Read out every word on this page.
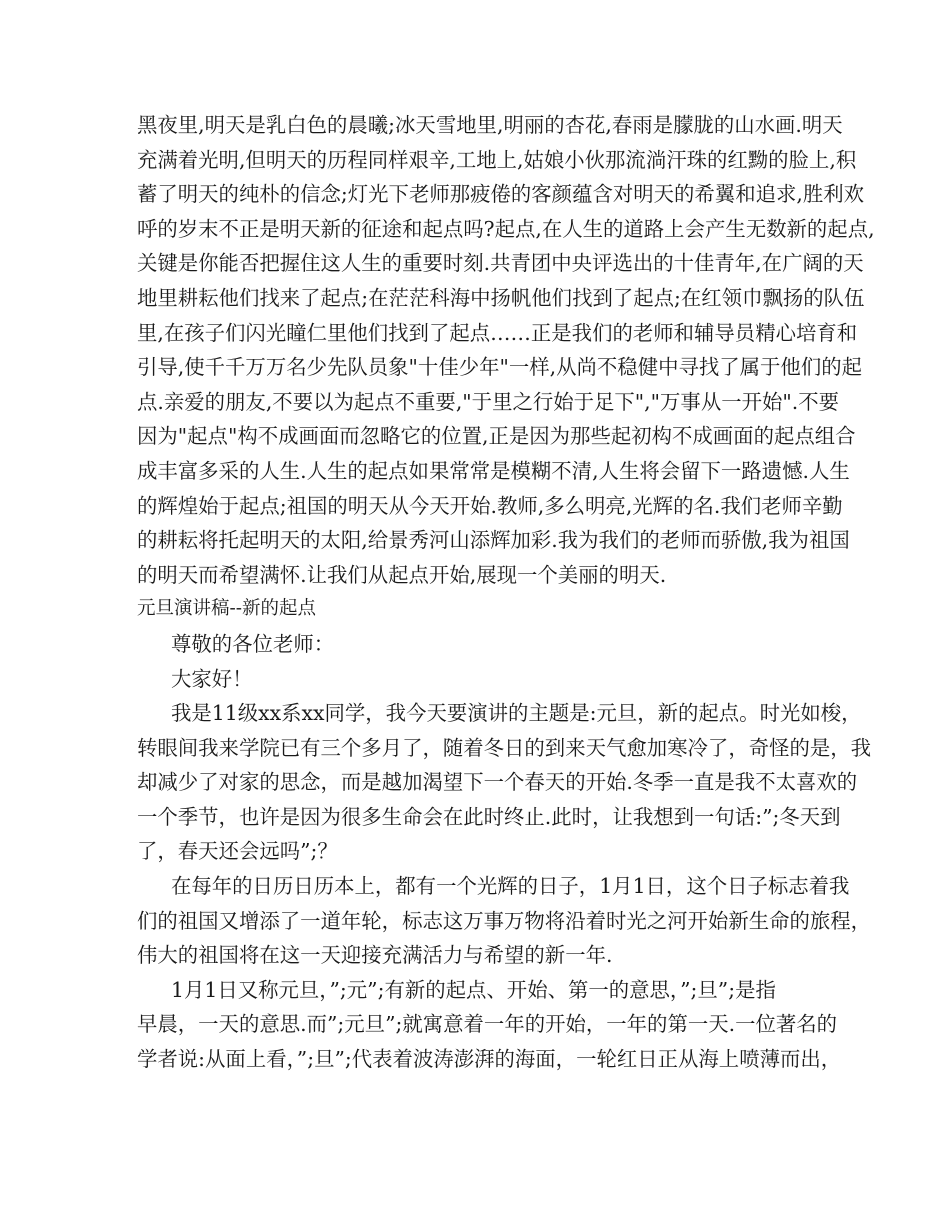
黑夜里,明天是乳白色的晨曦;冰天雪地里,明丽的杏花,春雨是朦胧的山水画.明天
充满着光明,但明天的历程同样艰辛,工地上,姑娘小伙那流淌汗珠的红黝的脸上,积
蓄了明天的纯朴的信念;灯光下老师那疲倦的客颜蕴含对明天的希翼和追求,胜利欢
呼的岁末不正是明天新的征途和起点吗?起点,在人生的道路上会产生无数新的起点,
关键是你能否把握住这人生的重要时刻.共青团中央评选出的十佳青年,在广阔的天
地里耕耘他们找来了起点;在茫茫科海中扬帆他们找到了起点;在红领巾飘扬的队伍
里,在孩子们闪光瞳仁里他们找到了起点……正是我们的老师和辅导员精心培育和
引导,使千千万万名少先队员象"十佳少年"一样,从尚不稳健中寻找了属于他们的起
点.亲爱的朋友,不要以为起点不重要,"于里之行始于足下","万事从一开始".不要
因为"起点"构不成画面而忽略它的位置,正是因为那些起初构不成画面的起点组合
成丰富多采的人生.人生的起点如果常常是模糊不清,人生将会留下一路遗憾.人生
的辉煌始于起点;祖国的明天从今天开始.教师,多么明亮,光辉的名.我们老师辛勤
的耕耘将托起明天的太阳,给景秀河山添辉加彩.我为我们的老师而骄傲,我为祖国
的明天而希望满怀.让我们从起点开始,展现一个美丽的明天.
元旦演讲稿--新的起点
尊敬的各位老师：
大家好！
我是11级xx系xx同学，我今天要演讲的主题是:元旦，新的起点。时光如梭，
转眼间我来学院已有三个多月了，随着冬日的到来天气愈加寒冷了，奇怪的是，我
却减少了对家的思念，而是越加渴望下一个春天的开始.冬季一直是我不太喜欢的
一个季节，也许是因为很多生命会在此时终止.此时，让我想到一句话:”;冬天到
了，春天还会远吗”;？
在每年的日历日历本上，都有一个光辉的日子，1月1日，这个日子标志着我
们的祖国又增添了一道年轮，标志这万事万物将沿着时光之河开始新生命的旅程，
伟大的祖国将在这一天迎接充满活力与希望的新一年.
1月1日又称元旦，”;元”;有新的起点、开始、第一的意思，”;旦”;是指
早晨，一天的意思.而”;元旦”;就寓意着一年的开始，一年的第一天.一位著名的
学者说:从面上看，”;旦”;代表着波涛澎湃的海面，一轮红日正从海上喷薄而出，
